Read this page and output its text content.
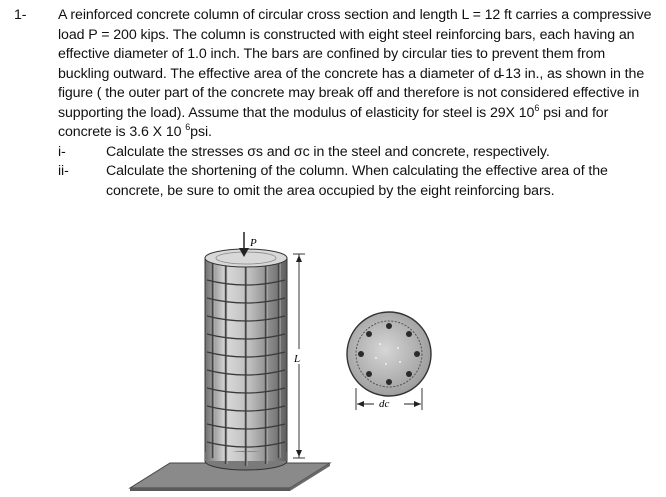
1- A reinforced concrete column of circular cross section and length L = 12 ft carries a compressive load P = 200 kips. The column is constructed with eight steel reinforcing bars, each having an effective diameter of 1.0 inch. The bars are confined by circular ties to prevent them from buckling outward. The effective area of the concrete has a diameter of d̵ 13 in., as shown in the figure ( the outer part of the concrete may break off and therefore is not considered effective in supporting the load). Assume that the modulus of elasticity for steel is 29X $10^6$ psi and for concrete is 3.6 X 10 $^6$psi.
i-	Calculate the stresses σs and σc in the steel and concrete, respectively.
ii-	Calculate the shortening of the column. When calculating the effective area of the concrete, be sure to omit the area occupied by the eight reinforcing bars.
P
L
dc
